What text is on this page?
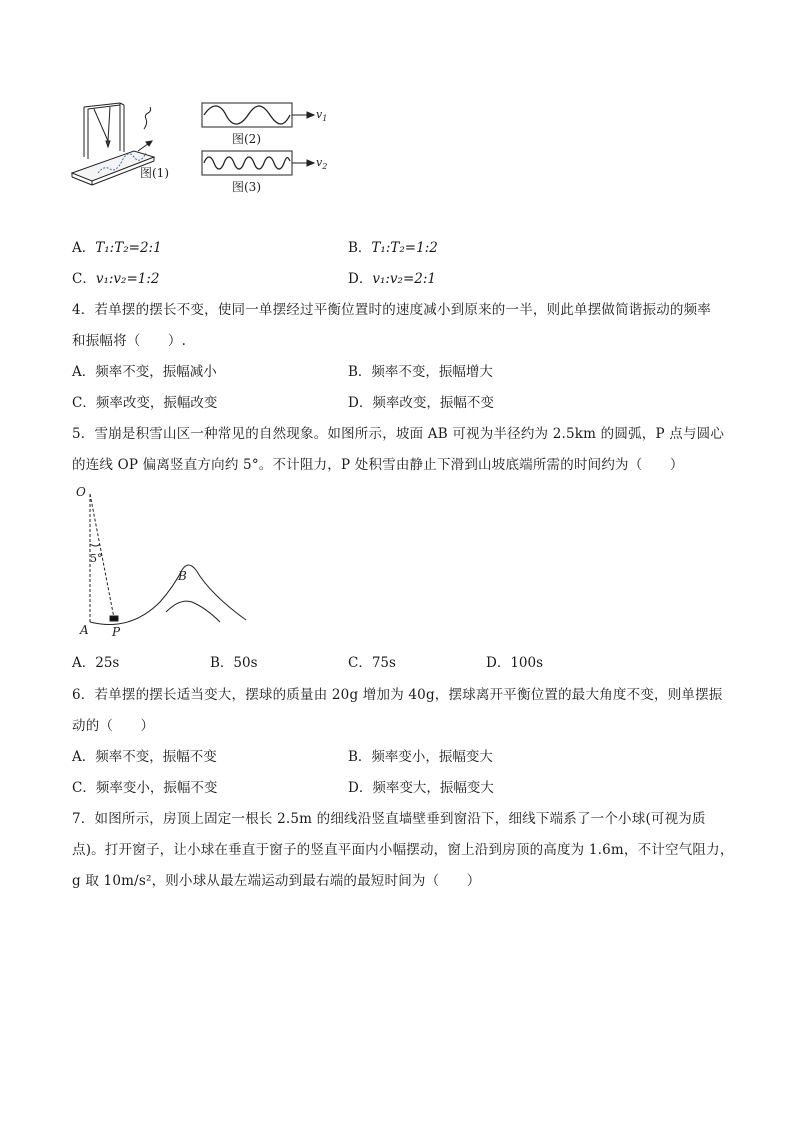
图(1)
$v_1$
图(2)
$v_2$
图(3)
A．T₁:T₂=2:1	B．T₁:T₂=1:2
C．v₁:v₂=1:2	D．v₁:v₂=2:1
4．若单摆的摆长不变，使同一单摆经过平衡位置时的速度减小到原来的一半，则此单摆做简谐振动的频率
和振幅将（　　）.
A．频率不变，振幅减小	B．频率不变，振幅增大
C．频率改变，振幅改变	D．频率改变，振幅不变
5．雪崩是积雪山区一种常见的自然现象。如图所示，坡面 AB 可视为半径约为 2.5km 的圆弧，P 点与圆心
的连线 OP 偏离竖直方向约 5°。不计阻力，P 处积雪由静止下滑到山坡底端所需的时间约为（　　）
O
5°
B
A P
A．25s	B．50s	C．75s	D．100s
6．若单摆的摆长适当变大，摆球的质量由 20g 增加为 40g，摆球离开平衡位置的最大角度不变，则单摆振
动的（　　）
A．频率不变，振幅不变	B．频率变小，振幅变大
C．频率变小，振幅不变	D．频率变大，振幅变大
7．如图所示，房顶上固定一根长 2.5m 的细线沿竖直墙壁垂到窗沿下，细线下端系了一个小球(可视为质
点)。打开窗子，让小球在垂直于窗子的竖直平面内小幅摆动，窗上沿到房顶的高度为 1.6m，不计空气阻力，
g 取 10m/s²，则小球从最左端运动到最右端的最短时间为（　　）
